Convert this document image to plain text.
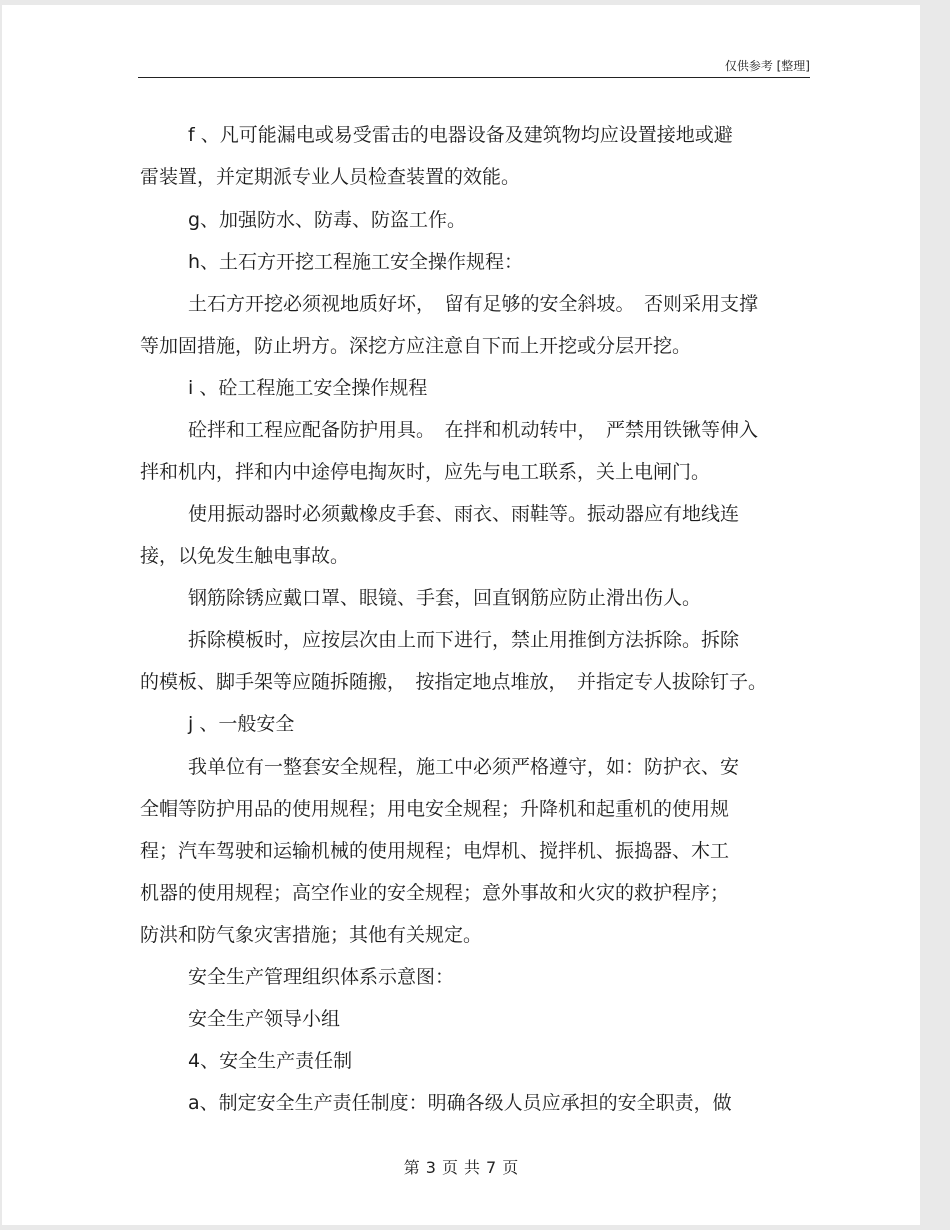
仅供参考 [整理]
f 、凡可能漏电或易受雷击的电器设备及建筑物均应设置接地或避
雷装置，并定期派专业人员检查装置的效能。
g、加强防水、防毒、防盗工作。
h、土石方开挖工程施工安全操作规程：
土石方开挖必须视地质好坏，　留有足够的安全斜坡。　否则采用支撑
等加固措施，防止坍方。深挖方应注意自下而上开挖或分层开挖。
i 、砼工程施工安全操作规程
砼拌和工程应配备防护用具。　在拌和机动转中，　严禁用铁锹等伸入
拌和机内，拌和内中途停电掏灰时，应先与电工联系，关上电闸门。
使用振动器时必须戴橡皮手套、雨衣、雨鞋等。振动器应有地线连
接，以免发生触电事故。
钢筋除锈应戴口罩、眼镜、手套，回直钢筋应防止滑出伤人。
拆除模板时，应按层次由上而下进行，禁止用推倒方法拆除。拆除
的模板、脚手架等应随拆随搬，　按指定地点堆放，　并指定专人拔除钉子。
j 、一般安全
我单位有一整套安全规程，施工中必须严格遵守，如：防护衣、安
全帽等防护用品的使用规程；用电安全规程；升降机和起重机的使用规
程；汽车驾驶和运输机械的使用规程；电焊机、搅拌机、振捣器、木工
机器的使用规程；高空作业的安全规程；意外事故和火灾的救护程序；
防洪和防气象灾害措施；其他有关规定。
安全生产管理组织体系示意图：
安全生产领导小组
4、安全生产责任制
a、制定安全生产责任制度：明确各级人员应承担的安全职责，做
第 3 页 共 7 页
